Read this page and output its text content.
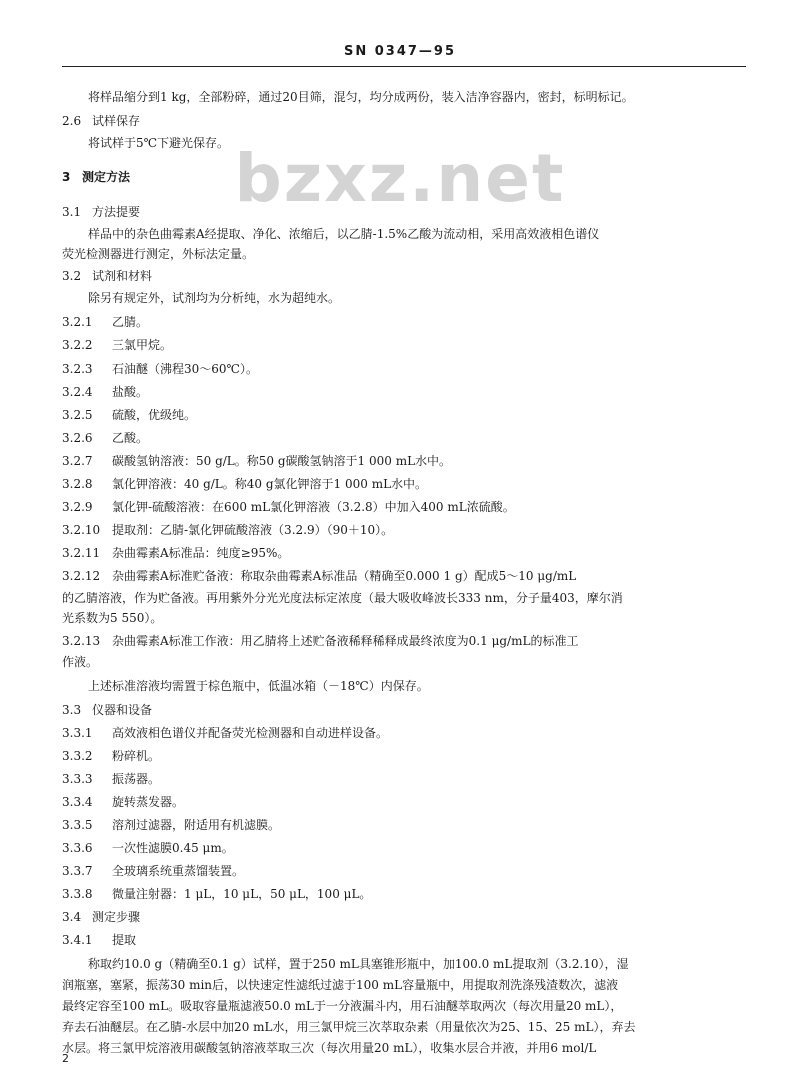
SN 0347—95
bzxz.net
将样品缩分到1 kg，全部粉碎，通过20目筛，混匀，均分成两份，装入洁净容器内，密封，标明标记。
2.6 试样保存
将试样于5℃下避光保存。
3 测定方法
3.1 方法提要
样品中的杂色曲霉素A经提取、净化、浓缩后，以乙腈-1.5%乙酸为流动相，采用高效液相色谱仪
荧光检测器进行测定，外标法定量。
3.2 试剂和材料
除另有规定外，试剂均为分析纯，水为超纯水。
3.2.1 乙腈。
3.2.2 三氯甲烷。
3.2.3 石油醚（沸程30～60℃）。
3.2.4 盐酸。
3.2.5 硫酸，优级纯。
3.2.6 乙酸。
3.2.7 碳酸氢钠溶液：50 g/L。称50 g碳酸氢钠溶于1 000 mL水中。
3.2.8 氯化钾溶液：40 g/L。称40 g氯化钾溶于1 000 mL水中。
3.2.9 氯化钾-硫酸溶液：在600 mL氯化钾溶液（3.2.8）中加入400 mL浓硫酸。
3.2.10 提取剂：乙腈-氯化钾硫酸溶液（3.2.9）（90＋10）。
3.2.11 杂曲霉素A标准品：纯度≥95%。
3.2.12 杂曲霉素A标准贮备液：称取杂曲霉素A标准品（精确至0.000 1 g）配成5～10 μg/mL
的乙腈溶液，作为贮备液。再用紫外分光光度法标定浓度（最大吸收峰波长333 nm，分子量403，摩尔消
光系数为5 550）。
3.2.13 杂曲霉素A标准工作液：用乙腈将上述贮备液稀释稀释成最终浓度为0.1 μg/mL的标准工
作液。
上述标准溶液均需置于棕色瓶中，低温冰箱（－18℃）内保存。
3.3 仪器和设备
3.3.1 高效液相色谱仪并配备荧光检测器和自动进样设备。
3.3.2 粉碎机。
3.3.3 振荡器。
3.3.4 旋转蒸发器。
3.3.5 溶剂过滤器，附适用有机滤膜。
3.3.6 一次性滤膜0.45 μm。
3.3.7 全玻璃系统重蒸馏装置。
3.3.8 微量注射器：1 μL，10 μL，50 μL，100 μL。
3.4 测定步骤
3.4.1 提取
称取约10.0 g（精确至0.1 g）试样，置于250 mL具塞锥形瓶中，加100.0 mL提取剂（3.2.10），湿
润瓶塞，塞紧，振荡30 min后，以快速定性滤纸过滤于100 mL容量瓶中，用提取剂洗涤残渣数次，滤液
最终定容至100 mL。吸取容量瓶滤液50.0 mL于一分液漏斗内，用石油醚萃取两次（每次用量20 mL），
弃去石油醚层。在乙腈-水层中加20 mL水，用三氯甲烷三次萃取杂素（用量依次为25、15、25 mL），弃去
水层。将三氯甲烷溶液用碳酸氢钠溶液萃取三次（每次用量20 mL），收集水层合并液，并用6 mol/L
2
